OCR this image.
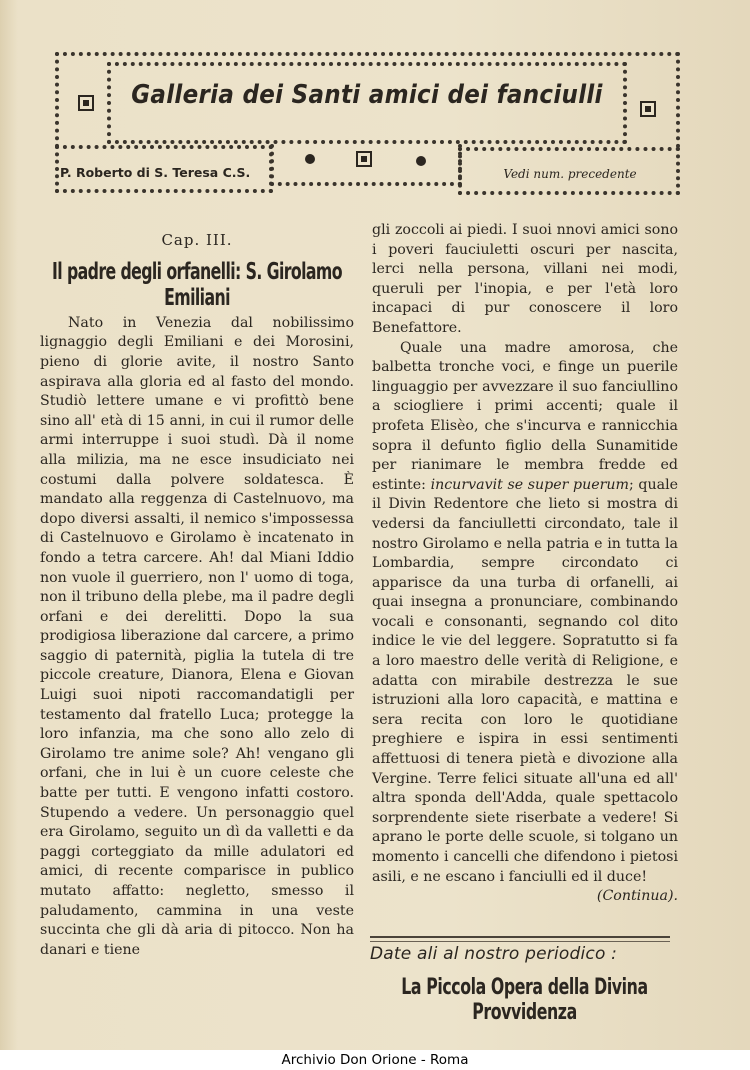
Galleria dei Santi amici dei fanciulli
P. Roberto di S. Teresa C.S.	Vedi num. precedente
Cap. III.
Il padre degli orfanelli: S. Girolamo Emiliani

Nato in Venezia dal nobilissimo lignaggio degli Emiliani e dei Morosini, pieno di glorie avite, il nostro Santo aspirava alla gloria ed al fasto del mondo. Studiò lettere umane e vi profittò bene sino all' età di 15 anni, in cui il rumor delle armi interruppe i suoi studì. Dà il nome alla milizia, ma ne esce insudiciato nei costumi dalla polvere soldatesca. È mandato alla reggenza di Castelnuovo, ma dopo diversi assalti, il nemico s'impossessa di Castelnuovo e Girolamo è incatenato in fondo a tetra carcere. Ah! dal Miani Iddio non vuole il guerriero, non l' uomo di toga, non il tribuno della plebe, ma il padre degli orfani e dei derelitti. Dopo la sua prodigiosa liberazione dal carcere, a primo saggio di paternità, piglia la tutela di tre piccole creature, Dianora, Elena e Giovan Luigi suoi nipoti raccomandatigli per testamento dal fratello Luca; protegge la loro infanzia, ma che sono allo zelo di Girolamo tre anime sole? Ah! vengano gli orfani, che in lui è un cuore celeste che batte per tutti. E vengono infatti costoro. Stupendo a vedere. Un personaggio quel era Girolamo, seguito un dì da valletti e da paggi corteggiato da mille adulatori ed amici, di recente comparisce in publico mutato affatto: negletto, smesso il paludamento, cammina in una veste succinta che gli dà aria di pitocco. Non ha danari e tiene

gli zoccoli ai piedi. I suoi nnovi amici sono i poveri fauciuletti oscuri per nascita, lerci nella persona, villani nei modi, queruli per l'inopia, e per l'età loro incapaci di pur conoscere il loro Benefattore.

Quale una madre amorosa, che balbetta tronche voci, e finge un puerile linguaggio per avvezzare il suo fanciullino a sciogliere i primi accenti; quale il profeta Elisèo, che s'incurva e rannicchia sopra il defunto figlio della Sunamitide per rianimare le membra fredde ed estinte: incurvavit se super puerum; quale il Divin Redentore che lieto si mostra di vedersi da fanciulletti circondato, tale il nostro Girolamo e nella patria e in tutta la Lombardia, sempre circondato ci apparisce da una turba di orfanelli, ai quai insegna a pronunciare, combinando vocali e consonanti, segnando col dito indice le vie del leggere. Sopratutto si fa a loro maestro delle verità di Religione, e adatta con mirabile destrezza le sue istruzioni alla loro capacità, e mattina e sera recita con loro le quotidiane preghiere e ispira in essi sentimenti affettuosi di tenera pietà e divozione alla Vergine. Terre felici situate all'una ed all' altra sponda dell'Adda, quale spettacolo sorprendente siete riserbate a vedere! Si aprano le porte delle scuole, si tolgano un momento i cancelli che difendono i pietosi asili, e ne escano i fanciulli ed il duce!
(Continua).

Date ali al nostro periodico :
La Piccola Opera della Divina Provvidenza
Archivio Don Orione - Roma
